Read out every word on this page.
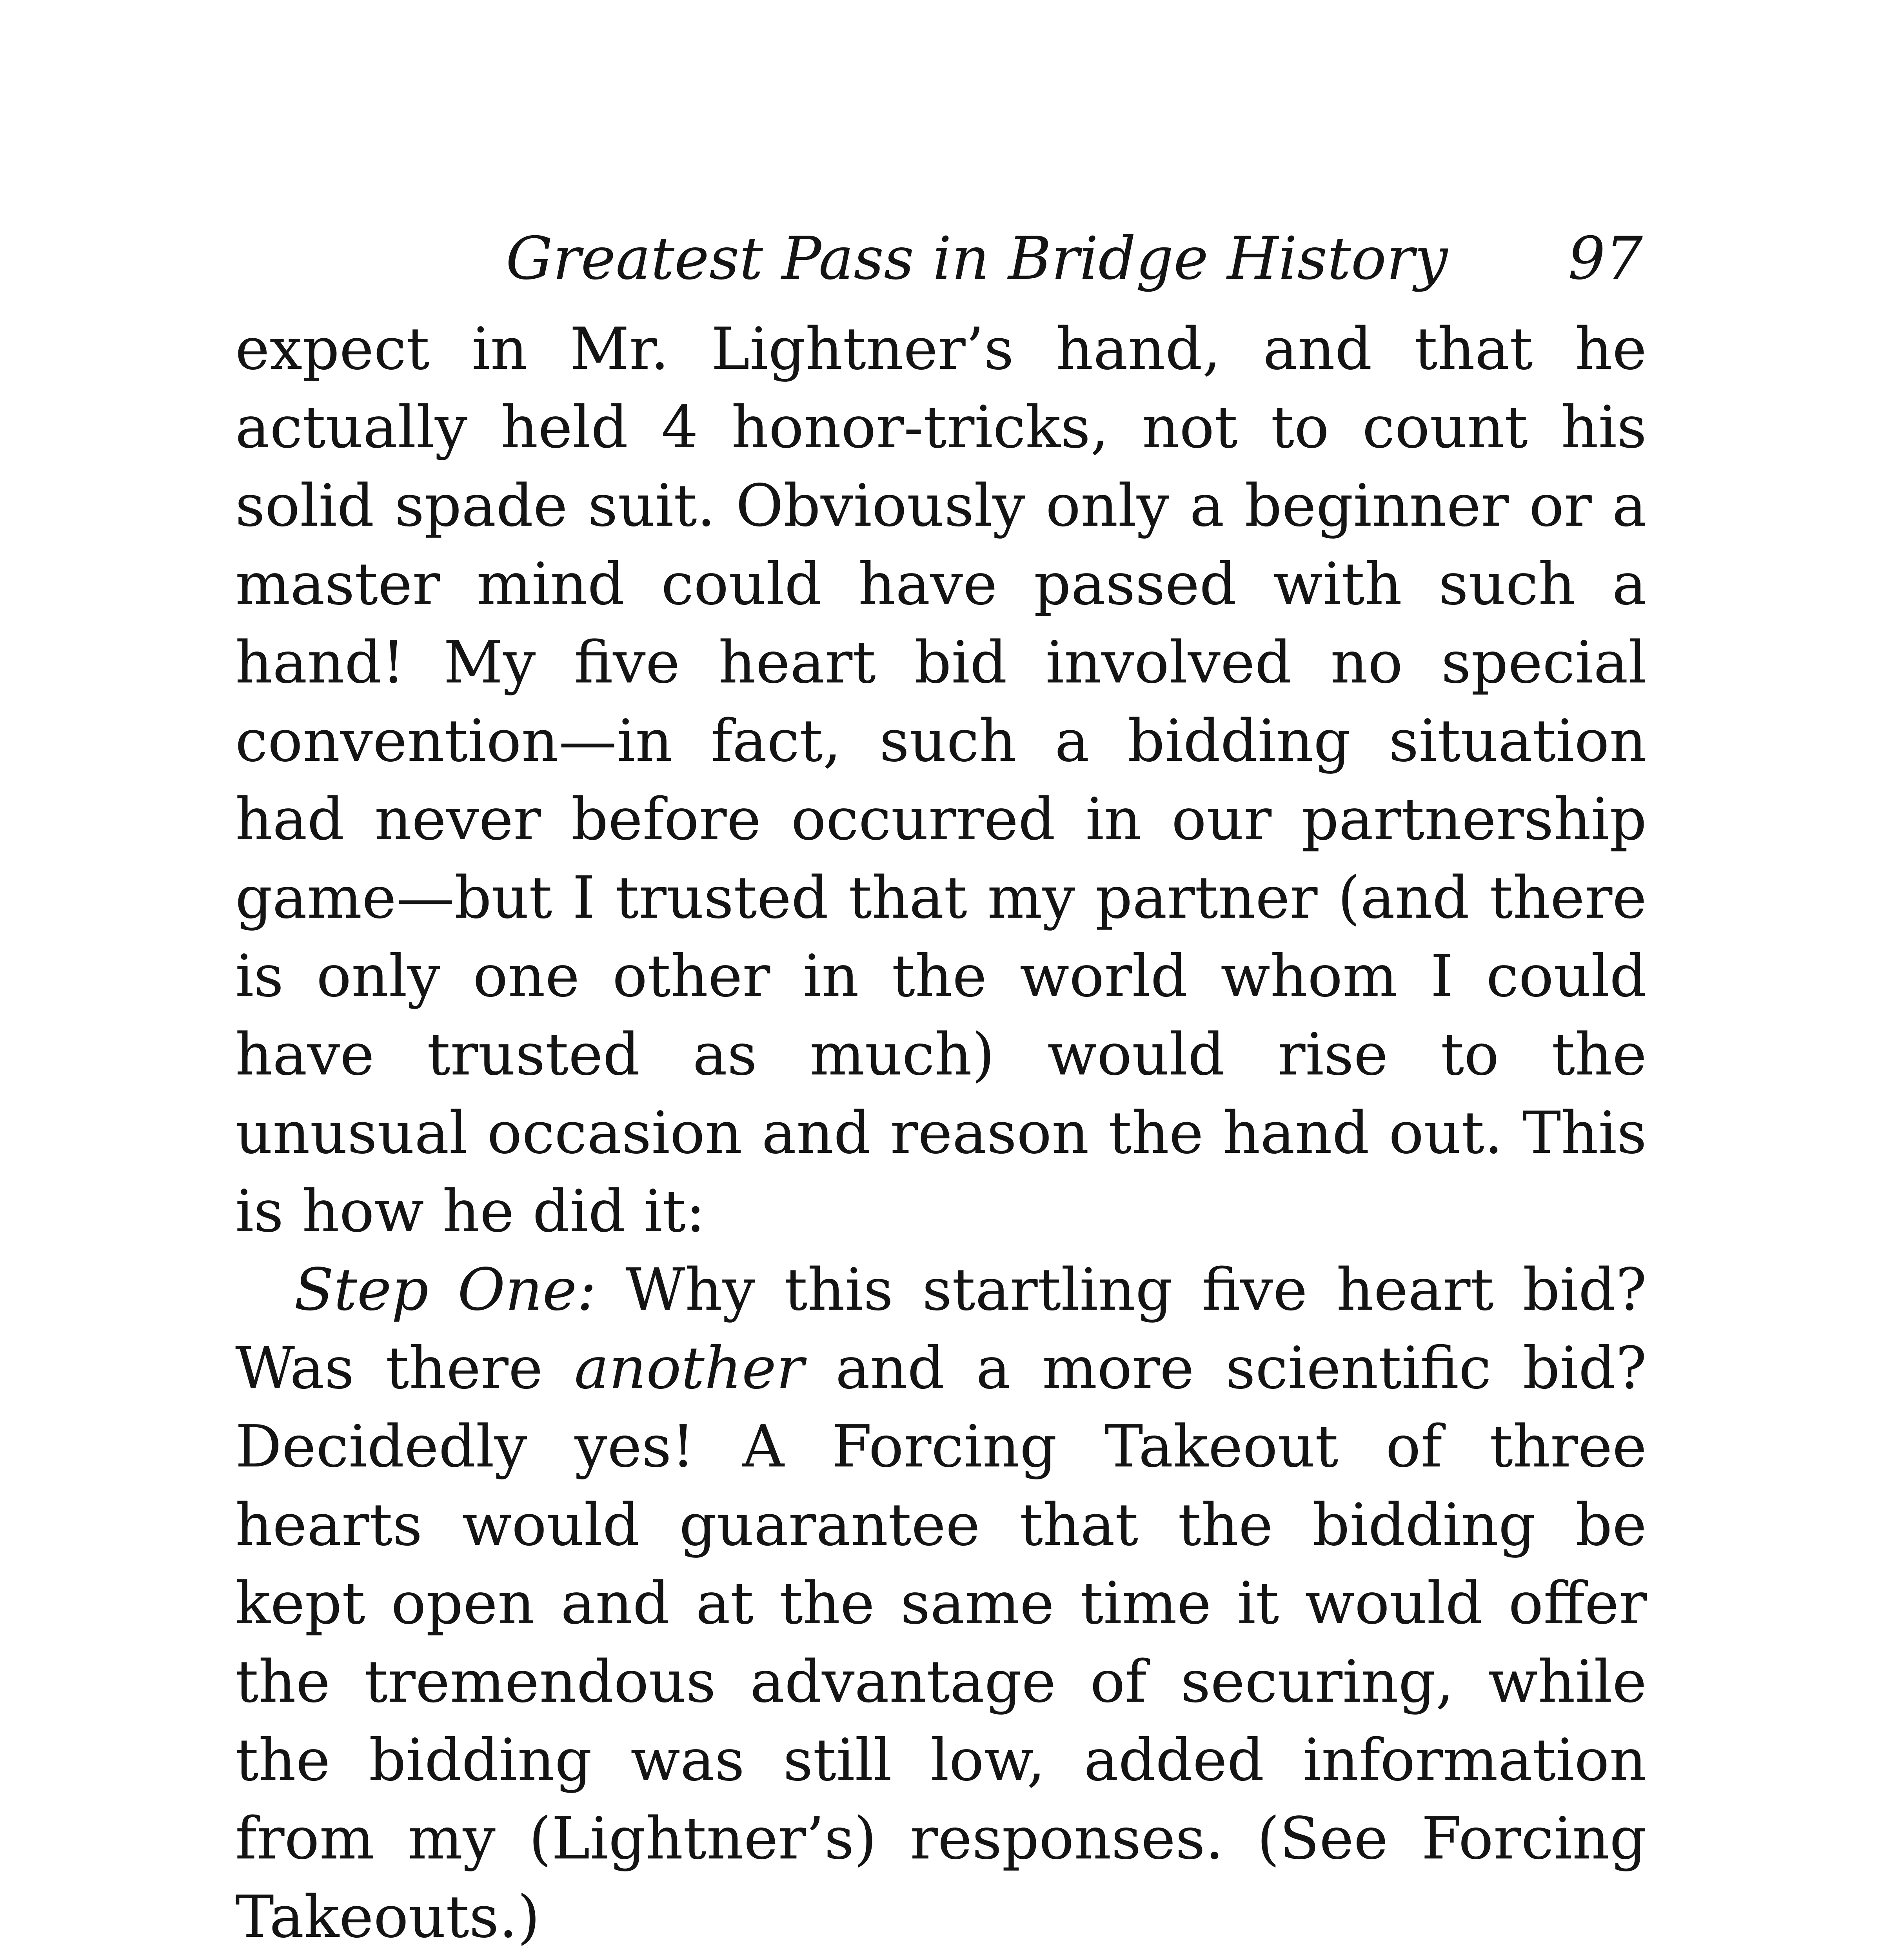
Greatest Pass in Bridge History 97

expect in Mr. Lightner’s hand, and that he actually held 4 honor-tricks, not to count his solid spade suit. Obviously only a beginner or a master mind could have passed with such a hand! My five heart bid involved no special convention—in fact, such a bidding situation had never before occurred in our partnership game—but I trusted that my partner (and there is only one other in the world whom I could have trusted as much) would rise to the unusual occasion and reason the hand out. This is how he did it:

Step One: Why this startling five heart bid? Was there another and a more scientific bid? Decidedly yes! A Forcing Takeout of three hearts would guarantee that the bidding be kept open and at the same time it would offer the tremendous advantage of securing, while the bidding was still low, added information from my (Lightner’s) responses. (See Forcing Takeouts.)
